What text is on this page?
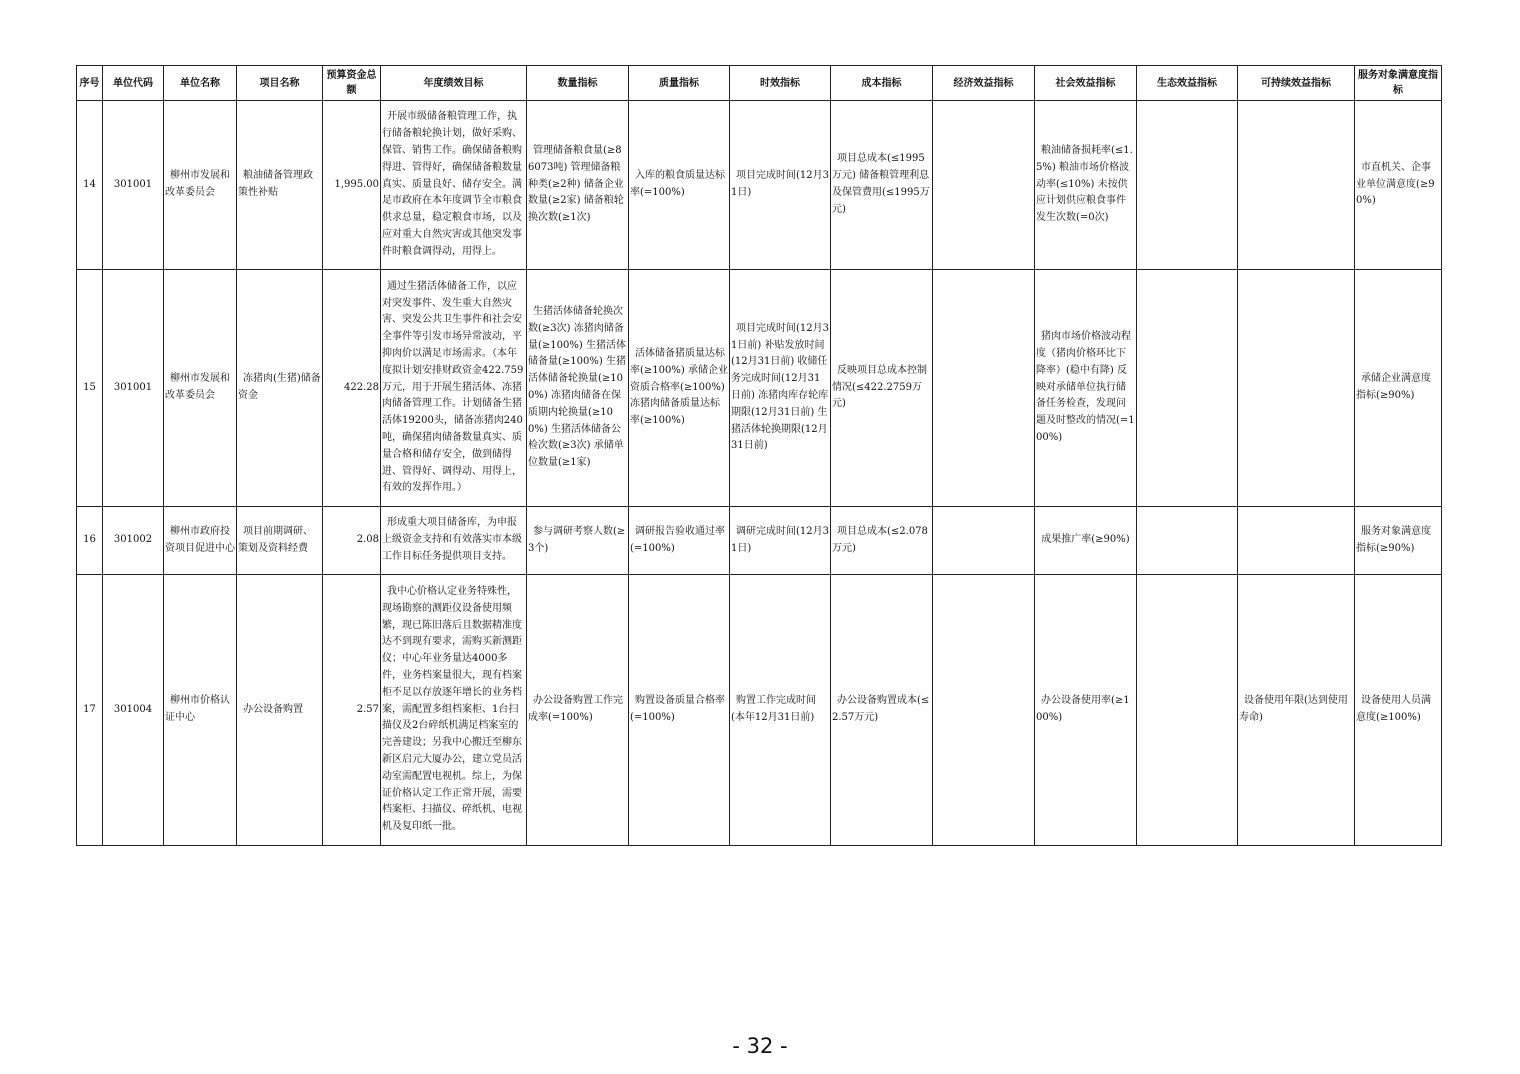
序号	单位代码	单位名称	项目名称	预算资金总额	年度绩效目标	数量指标	质量指标	时效指标	成本指标	经济效益指标	社会效益指标	生态效益指标	可持续效益指标	服务对象满意度指标
14	301001	柳州市发展和改革委员会	粮油储备管理政策性补贴	1,995.00	开展市级储备粮管理工作，执行储备粮轮换计划，做好采购、保管、销售工作。确保储备粮购得进、管得好，确保储备粮数量真实、质量良好、储存安全。满足市政府在本年度调节全市粮食供求总量，稳定粮食市场，以及应对重大自然灾害或其他突发事件时粮食调得动，用得上。	管理储备粮食量(≥86073吨) 管理储备粮种类(≥2种) 储备企业数量(≥2家) 储备粮轮换次数(≥1次)	入库的粮食质量达标率(=100%)	项目完成时间(12月31日)	项目总成本(≤1995万元) 储备粮管理利息及保管费用(≤1995万元)		粮油储备损耗率(≤1.5%) 粮油市场价格波动率(≤10%) 未按供应计划供应粮食事件发生次数(=0次)			市直机关、企事业单位满意度(≥90%)
15	301001	柳州市发展和改革委员会	冻猪肉(生猪)储备资金	422.28	通过生猪活体储备工作，以应对突发事件、发生重大自然灾害、突发公共卫生事件和社会安全事件等引发市场异常波动，平抑肉价以满足市场需求。（本年度拟计划安排财政资金422.759万元，用于开展生猪活体、冻猪肉储备管理工作。计划储备生猪活体19200头，储备冻猪肉240吨，确保猪肉储备数量真实、质量合格和储存安全，做到储得进、管得好、调得动、用得上，有效的发挥作用。）	生猪活体储备轮换次数(≥3次) 冻猪肉储备量(≥100%) 生猪活体储备量(≥100%) 生猪活体储备轮换量(≥100%) 冻猪肉储备在保质期内轮换量(≥100%) 生猪活体储备公检次数(≥3次) 承储单位数量(≥1家)	活体储备猪质量达标率(≥100%) 承储企业资质合格率(≥100%) 冻猪肉储备质量达标率(≥100%)	项目完成时间(12月31日前) 补贴发放时间(12月31日前) 收储任务完成时间(12月31日前) 冻猪肉库存轮库期限(12月31日前) 生猪活体轮换期限(12月31日前)	反映项目总成本控制情况(≤422.2759万元)		猪肉市场价格波动程度（猪肉价格环比下降率）(稳中有降) 反映对承储单位执行储备任务检查，发现问题及时整改的情况(=100%)			承储企业满意度指标(≥90%)
16	301002	柳州市政府投资项目促进中心	项目前期调研、策划及资料经费	2.08	形成重大项目储备库，为申报上级资金支持和有效落实市本级工作目标任务提供项目支持。	参与调研考察人数(≥3个)	调研报告验收通过率(=100%)	调研完成时间(12月31日)	项目总成本(≤2.078万元)		成果推广率(≥90%)			服务对象满意度指标(≥90%)
17	301004	柳州市价格认证中心	办公设备购置	2.57	我中心价格认定业务特殊性，现场勘察的测距仪设备使用频繁，现已陈旧落后且数据精准度达不到现有要求，需购买新测距仪；中心年业务量达4000多件，业务档案量很大，现有档案柜不足以存放逐年增长的业务档案，需配置多组档案柜、1台扫描仪及2台碎纸机满足档案室的完善建设；另我中心搬迁至柳东新区启元大厦办公，建立党员活动室需配置电视机。综上，为保证价格认定工作正常开展，需要档案柜、扫描仪、碎纸机、电视机及复印纸一批。	办公设备购置工作完成率(=100%)	购置设备质量合格率(=100%)	购置工作完成时间(本年12月31日前)	办公设备购置成本(≤2.57万元)		办公设备使用率(≥100%)		设备使用年限(达到使用寿命)	设备使用人员满意度(≥100%)
- 32 -
